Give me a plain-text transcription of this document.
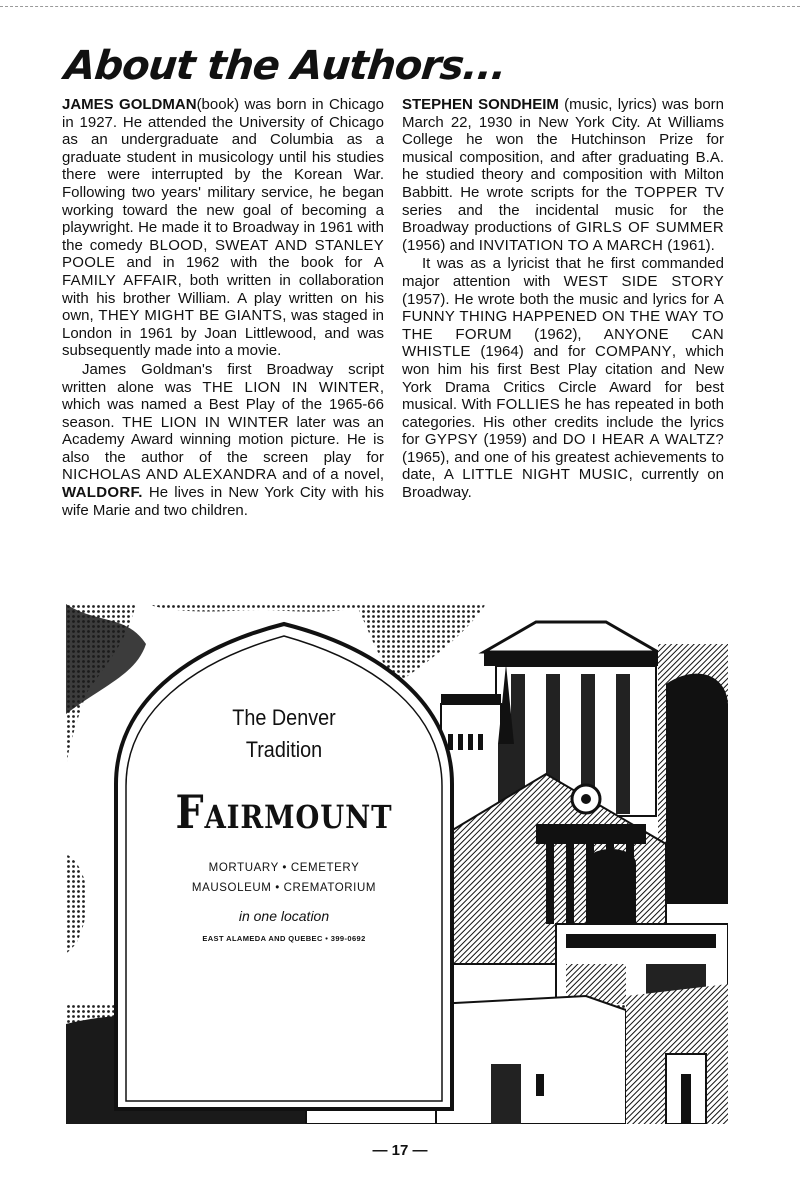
About the Authors...

JAMES GOLDMAN(book) was born in Chicago in 1927. He attended the University of Chicago as an undergraduate and Columbia as a graduate student in musicology until his studies there were interrupted by the Korean War. Following two years' military service, he began working toward the new goal of becoming a playwright. He made it to Broadway in 1961 with the comedy BLOOD, SWEAT AND STANLEY POOLE and in 1962 with the book for A FAMILY AFFAIR, both written in collaboration with his brother William. A play written on his own, THEY MIGHT BE GIANTS, was staged in London in 1961 by Joan Littlewood, and was subsequently made into a movie.

James Goldman's first Broadway script written alone was THE LION IN WINTER, which was named a Best Play of the 1965-66 season. THE LION IN WINTER later was an Academy Award winning motion picture. He is also the author of the screen play for NICHOLAS AND ALEXANDRA and of a novel, WALDORF. He lives in New York City with his wife Marie and two children.

STEPHEN SONDHEIM (music, lyrics) was born March 22, 1930 in New York City. At Williams College he won the Hutchinson Prize for musical composition, and after graduating B.A. he studied theory and composition with Milton Babbitt. He wrote scripts for the TOPPER TV series and the incidental music for the Broadway productions of GIRLS OF SUMMER (1956) and INVITATION TO A MARCH (1961).

It was as a lyricist that he first commanded major attention with WEST SIDE STORY (1957). He wrote both the music and lyrics for A FUNNY THING HAPPENED ON THE WAY TO THE FORUM (1962), ANYONE CAN WHISTLE (1964) and for COMPANY, which won him his first Best Play citation and New York Drama Critics Circle Award for best musical. With FOLLIES he has repeated in both categories. His other credits include the lyrics for GYPSY (1959) and DO I HEAR A WALTZ?(1965), and one of his greatest achievements to date, A LITTLE NIGHT MUSIC, currently on Broadway.

The Denver
Tradition
Fairmount
MORTUARY • CEMETERY
MAUSOLEUM • CREMATORIUM
in one location
EAST ALAMEDA AND QUEBEC • 399-0692
— 17 —
